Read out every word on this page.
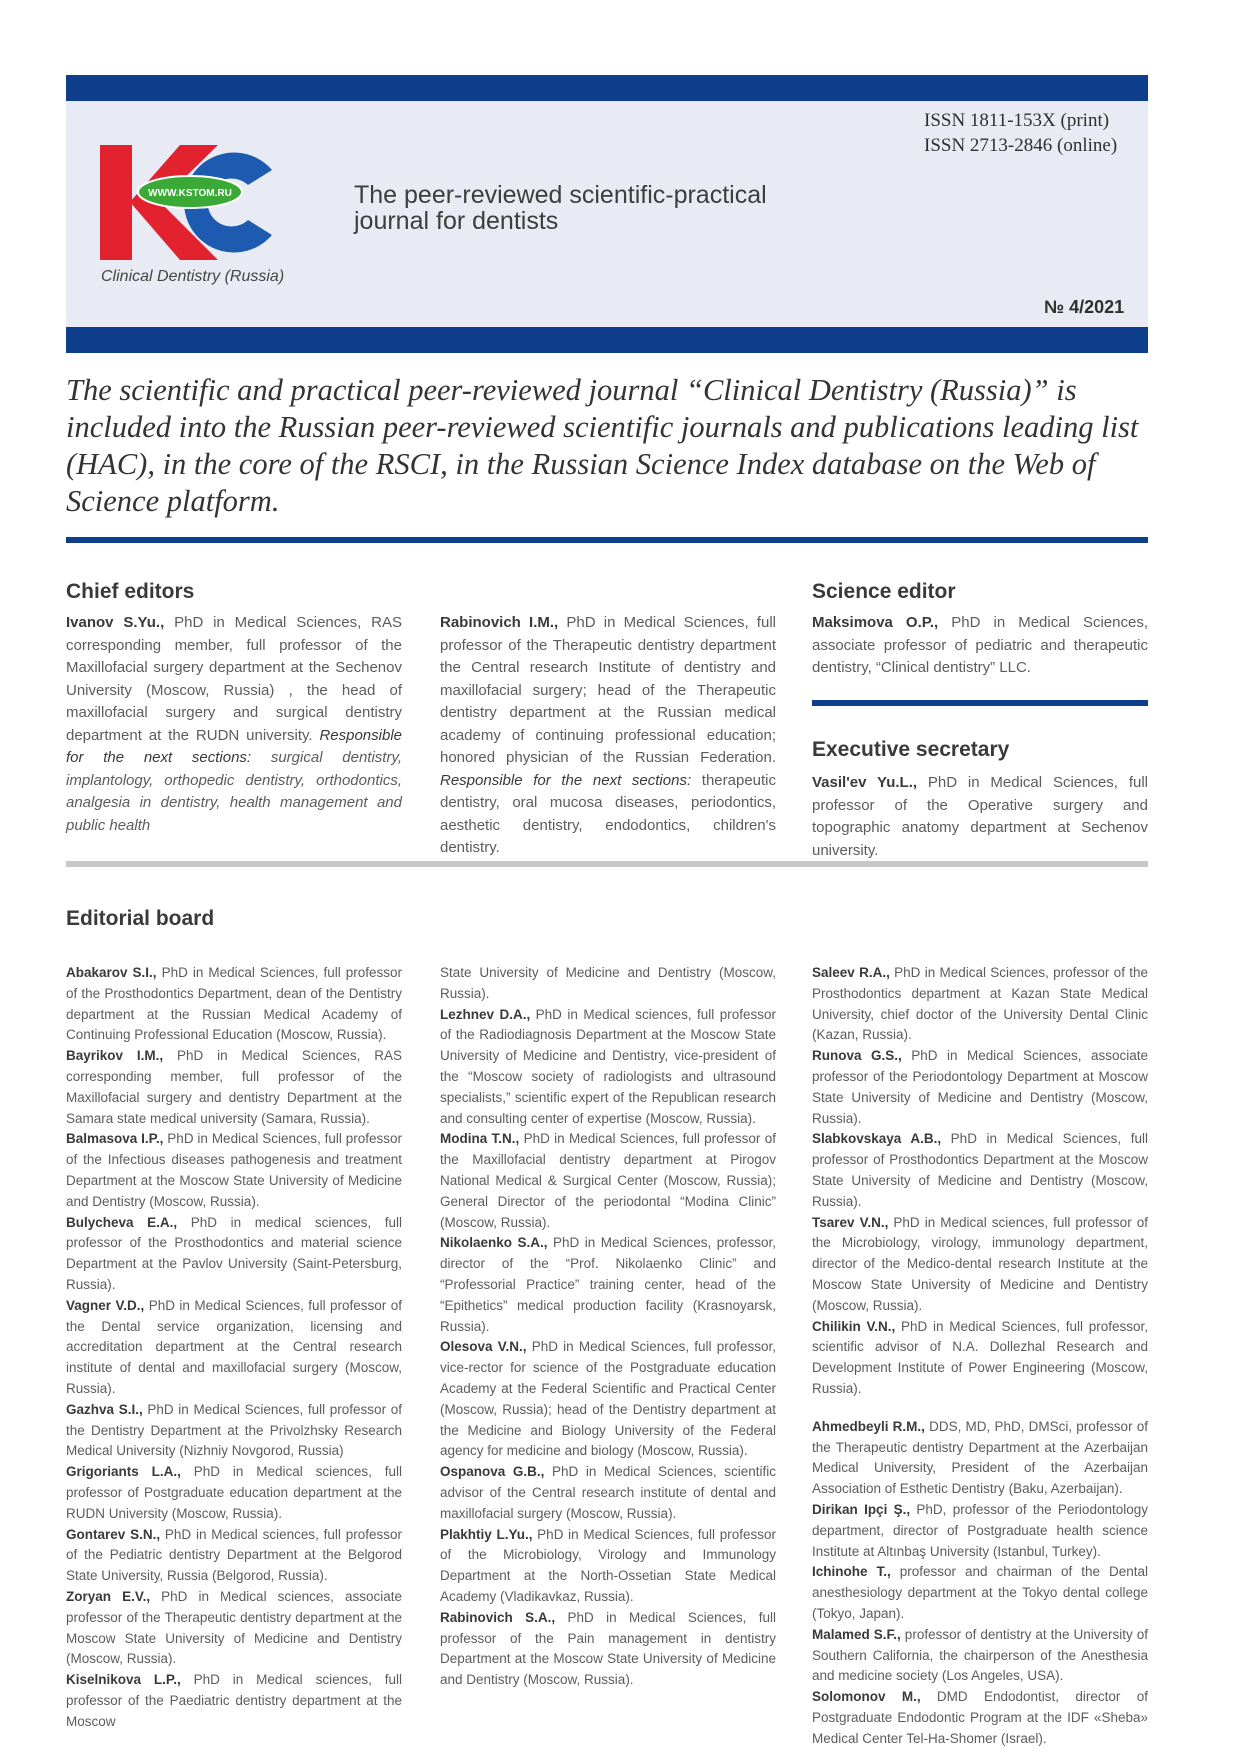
WWW.KSTOM.RU
Clinical Dentistry (Russia)
The peer-reviewed scientific-practical journal for dentists
ISSN 1811-153X (print)
ISSN 2713-2846 (online)
№ 4/2021
The scientific and practical peer-reviewed journal “Clinical Dentistry (Russia)” is included into the Russian peer-reviewed scientific journals and publications leading list (HAC), in the core of the RSCI, in the Russian Science Index database on the Web of Science platform.
Chief editors
Ivanov S.Yu., PhD in Medical Sciences, RAS corresponding member, full professor of the Maxillofacial surgery department at the Sechenov University (Moscow, Russia) , the head of maxillofacial surgery and surgical dentistry department at the RUDN university. Responsible for the next sections: surgical dentistry, implantology, orthopedic dentistry, orthodontics, analgesia in dentistry, health management and public health
Rabinovich I.M., PhD in Medical Sciences, full professor of the Therapeutic dentistry department the Central research Institute of dentistry and maxillofacial surgery; head of the Therapeutic dentistry department at the Russian medical academy of continuing professional education; honored physician of the Russian Federation. Responsible for the next sections: therapeutic dentistry, oral mucosa diseases, periodontics, aesthetic dentistry, endodontics, children's dentistry.
Science editor
Maksimova O.P., PhD in Medical Sciences, associate professor of pediatric and therapeutic dentistry, “Clinical dentistry” LLC.
Executive secretary
Vasil'ev Yu.L., PhD in Medical Sciences, full professor of the Operative surgery and topographic anatomy department at Sechenov university.
Editorial board
Abakarov S.I., PhD in Medical Sciences, full professor of the Prosthodontics Department, dean of the Dentistry department at the Russian Medical Academy of Continuing Professional Education (Moscow, Russia).
Bayrikov I.M., PhD in Medical Sciences, RAS corresponding member, full professor of the Maxillofacial surgery and dentistry Department at the Samara state medical university (Samara, Russia).
Balmasova I.P., PhD in Medical Sciences, full professor of the Infectious diseases pathogenesis and treatment Department at the Moscow State University of Medicine and Dentistry (Moscow, Russia).
Bulycheva E.A., PhD in medical sciences, full professor of the Prosthodontics and material science Department at the Pavlov University (Saint-Petersburg, Russia).
Vagner V.D., PhD in Medical Sciences, full professor of the Dental service organization, licensing and accreditation department at the Central research institute of dental and maxillofacial surgery (Moscow, Russia).
Gazhva S.I., PhD in Medical Sciences, full professor of the Dentistry Department at the Privolzhsky Research Medical University (Nizhniy Novgorod, Russia)
Grigoriants L.A., PhD in Medical sciences, full professor of Postgraduate education department at the RUDN University (Moscow, Russia).
Gontarev S.N., PhD in Medical sciences, full professor of the Pediatric dentistry Department at the Belgorod State University, Russia (Belgorod, Russia).
Zoryan E.V., PhD in Medical sciences, associate professor of the Therapeutic dentistry department at the Moscow State University of Medicine and Dentistry (Moscow, Russia).
Kiselnikova L.P., PhD in Medical sciences, full professor of the Paediatric dentistry department at the Moscow
State University of Medicine and Dentistry (Moscow, Russia).
Lezhnev D.A., PhD in Medical sciences, full professor of the Radiodiagnosis Department at the Moscow State University of Medicine and Dentistry, vice-president of the “Moscow society of radiologists and ultrasound specialists,” scientific expert of the Republican research and consulting center of expertise (Moscow, Russia).
Modina T.N., PhD in Medical Sciences, full professor of the Maxillofacial dentistry department at Pirogov National Medical & Surgical Center (Moscow, Russia); General Director of the periodontal “Modina Clinic” (Moscow, Russia).
Nikolaenko S.A., PhD in Medical Sciences, professor, director of the “Prof. Nikolaenko Clinic” and “Professorial Practice” training center, head of the “Epithetics” medical production facility (Krasnoyarsk, Russia).
Olesova V.N., PhD in Medical Sciences, full professor, vice-rector for science of the Postgraduate education Academy at the Federal Scientific and Practical Center (Moscow, Russia); head of the Dentistry department at the Medicine and Biology University of the Federal agency for medicine and biology (Moscow, Russia).
Ospanova G.B., PhD in Medical Sciences, scientific advisor of the Central research institute of dental and maxillofacial surgery (Moscow, Russia).
Plakhtiy L.Yu., PhD in Medical Sciences, full professor of the Microbiology, Virology and Immunology Department at the North-Ossetian State Medical Academy (Vladikavkaz, Russia).
Rabinovich S.A., PhD in Medical Sciences, full professor of the Pain management in dentistry Department at the Moscow State University of Medicine and Dentistry (Moscow, Russia).
Saleev R.A., PhD in Medical Sciences, professor of the Prosthodontics department at Kazan State Medical University, chief doctor of the University Dental Clinic (Kazan, Russia).
Runova G.S., PhD in Medical Sciences, associate professor of the Periodontology Department at Moscow State University of Medicine and Dentistry (Moscow, Russia).
Slabkovskaya A.B., PhD in Medical Sciences, full professor of Prosthodontics Department at the Moscow State University of Medicine and Dentistry (Moscow, Russia).
Tsarev V.N., PhD in Medical sciences, full professor of the Microbiology, virology, immunology department, director of the Medico-dental research Institute at the Moscow State University of Medicine and Dentistry (Moscow, Russia).
Chilikin V.N., PhD in Medical Sciences, full professor, scientific advisor of N.A. Dollezhal Research and Development Institute of Power Engineering (Moscow, Russia).
Ahmedbeyli R.M., DDS, MD, PhD, DMSci, professor of the Therapeutic dentistry Department at the Azerbaijan Medical University, President of the Azerbaijan Association of Esthetic Dentistry (Baku, Azerbaijan).
Dirikan Ipçi Ş., PhD, professor of the Periodontology department, director of Postgraduate health science Institute at Altınbaş University (Istanbul, Turkey).
Ichinohe T., professor and chairman of the Dental anesthesiology department at the Tokyo dental college (Tokyo, Japan).
Malamed S.F., professor of dentistry at the University of Southern California, the chairperson of the Anesthesia and medicine society (Los Angeles, USA).
Solomonov M., DMD Endodontist, director of Postgraduate Endodontic Program at the IDF «Sheba» Medical Center Tel-Ha-Shomer (Israel).
